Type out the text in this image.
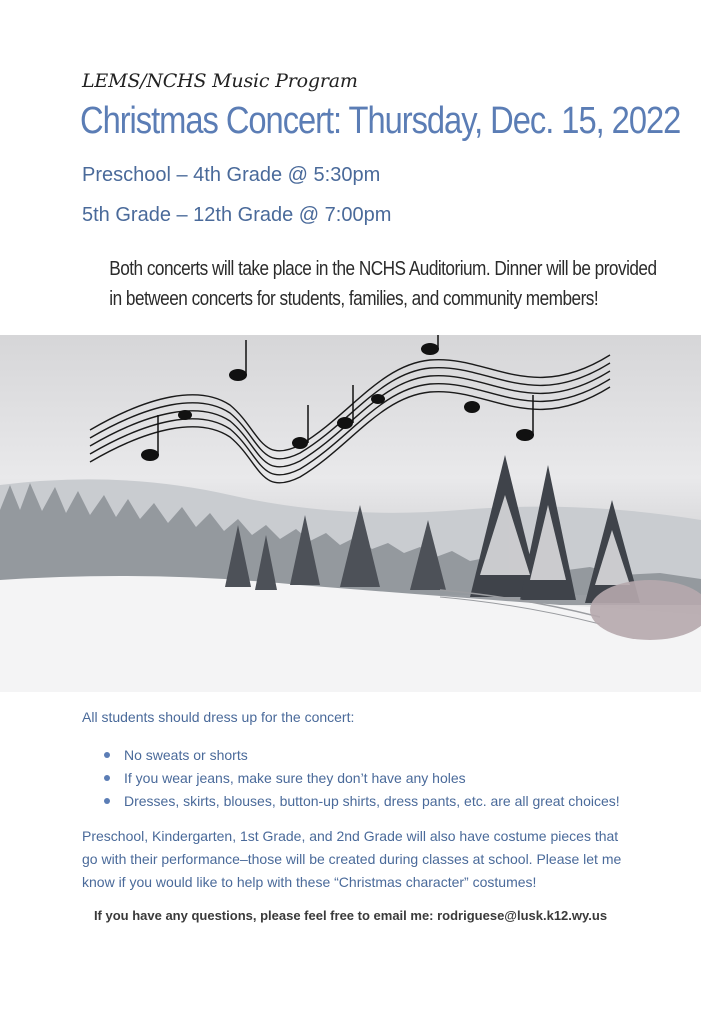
LEMS/NCHS Music Program
Christmas Concert: Thursday, Dec. 15, 2022
Preschool – 4th Grade @ 5:30pm
5th Grade – 12th Grade @ 7:00pm
Both concerts will take place in the NCHS Auditorium. Dinner will be provided
in between concerts for students, families, and community members!
All students should dress up for the concert:
No sweats or shorts
If you wear jeans, make sure they don’t have any holes
Dresses, skirts, blouses, button-up shirts, dress pants, etc. are all great choices!

Preschool, Kindergarten, 1st Grade, and 2nd Grade will also have costume pieces that go with their performance–those will be created during classes at school. Please let me know if you would like to help with these “Christmas character” costumes!

If you have any questions, please feel free to email me: rodriguese@lusk.k12.wy.us
